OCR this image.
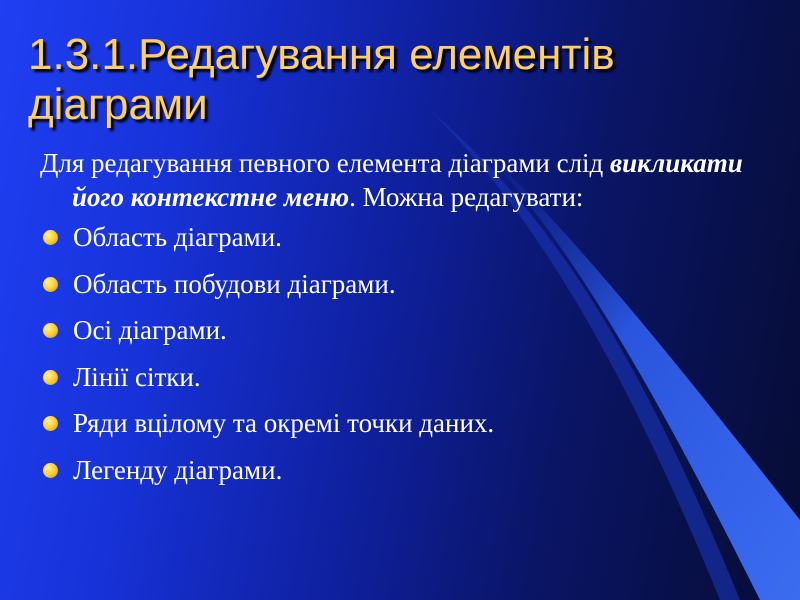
1.3.1.Редагування елементів діаграми

Для редагування певного елемента діаграми слід викликати його контекстне меню. Можна редагувати:

Область діаграми.
Область побудови діаграми.
Осі діаграми.
Лінії сітки.
Ряди вцілому та окремі точки даних.
Легенду діаграми.
